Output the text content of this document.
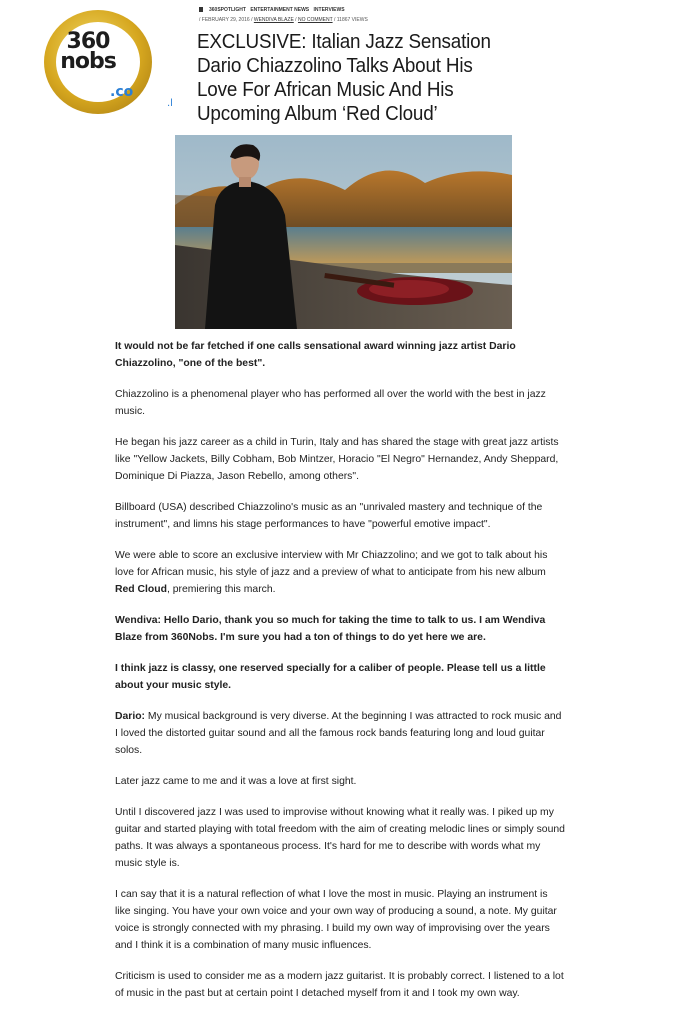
360
nobs
.co
.l
360SPOTLIGHT ENTERTAINMENT NEWS INTERVIEWS
/ FEBRUARY 29, 2016 / WENDIVA BLAZE / NO COMMENT / 11867 VIEWS
EXCLUSIVE: Italian Jazz Sensation Dario Chiazzolino Talks About His Love For African Music And His Upcoming Album ‘Red Cloud’

It would not be far fetched if one calls sensational award winning jazz artist Dario Chiazzolino, "one of the best".

Chiazzolino is a phenomenal player who has performed all over the world with the best in jazz music.

He began his jazz career as a child in Turin, Italy and has shared the stage with great jazz artists like "Yellow Jackets, Billy Cobham, Bob Mintzer, Horacio "El Negro" Hernandez, Andy Sheppard, Dominique Di Piazza, Jason Rebello, among others".

Billboard (USA) described Chiazzolino's music as an "unrivaled mastery and technique of the instrument", and limns his stage performances to have "powerful emotive impact".

We were able to score an exclusive interview with Mr Chiazzolino; and we got to talk about his love for African music, his style of jazz and a preview of what to anticipate from his new album Red Cloud, premiering this march.

Wendiva: Hello Dario, thank you so much for taking the time to talk to us. I am Wendiva Blaze from 360Nobs. I'm sure you had a ton of things to do yet here we are.

I think jazz is classy, one reserved specially for a caliber of people. Please tell us a little about your music style.

Dario: My musical background is very diverse. At the beginning I was attracted to rock music and I loved the distorted guitar sound and all the famous rock bands featuring long and loud guitar solos.

Later jazz came to me and it was a love at first sight.

Until I discovered jazz I was used to improvise without knowing what it really was. I piked up my guitar and started playing with total freedom with the aim of creating melodic lines or simply sound paths. It was always a spontaneous process. It's hard for me to describe with words what my music style is.

I can say that it is a natural reflection of what I love the most in music. Playing an instrument is like singing. You have your own voice and your own way of producing a sound, a note. My guitar voice is strongly connected with my phrasing. I build my own way of improvising over the years and I think it is a combination of many music influences.

Criticism is used to consider me as a modern jazz guitarist. It is probably correct. I listened to a lot of music in the past but at certain point I detached myself from it and I took my own way.
